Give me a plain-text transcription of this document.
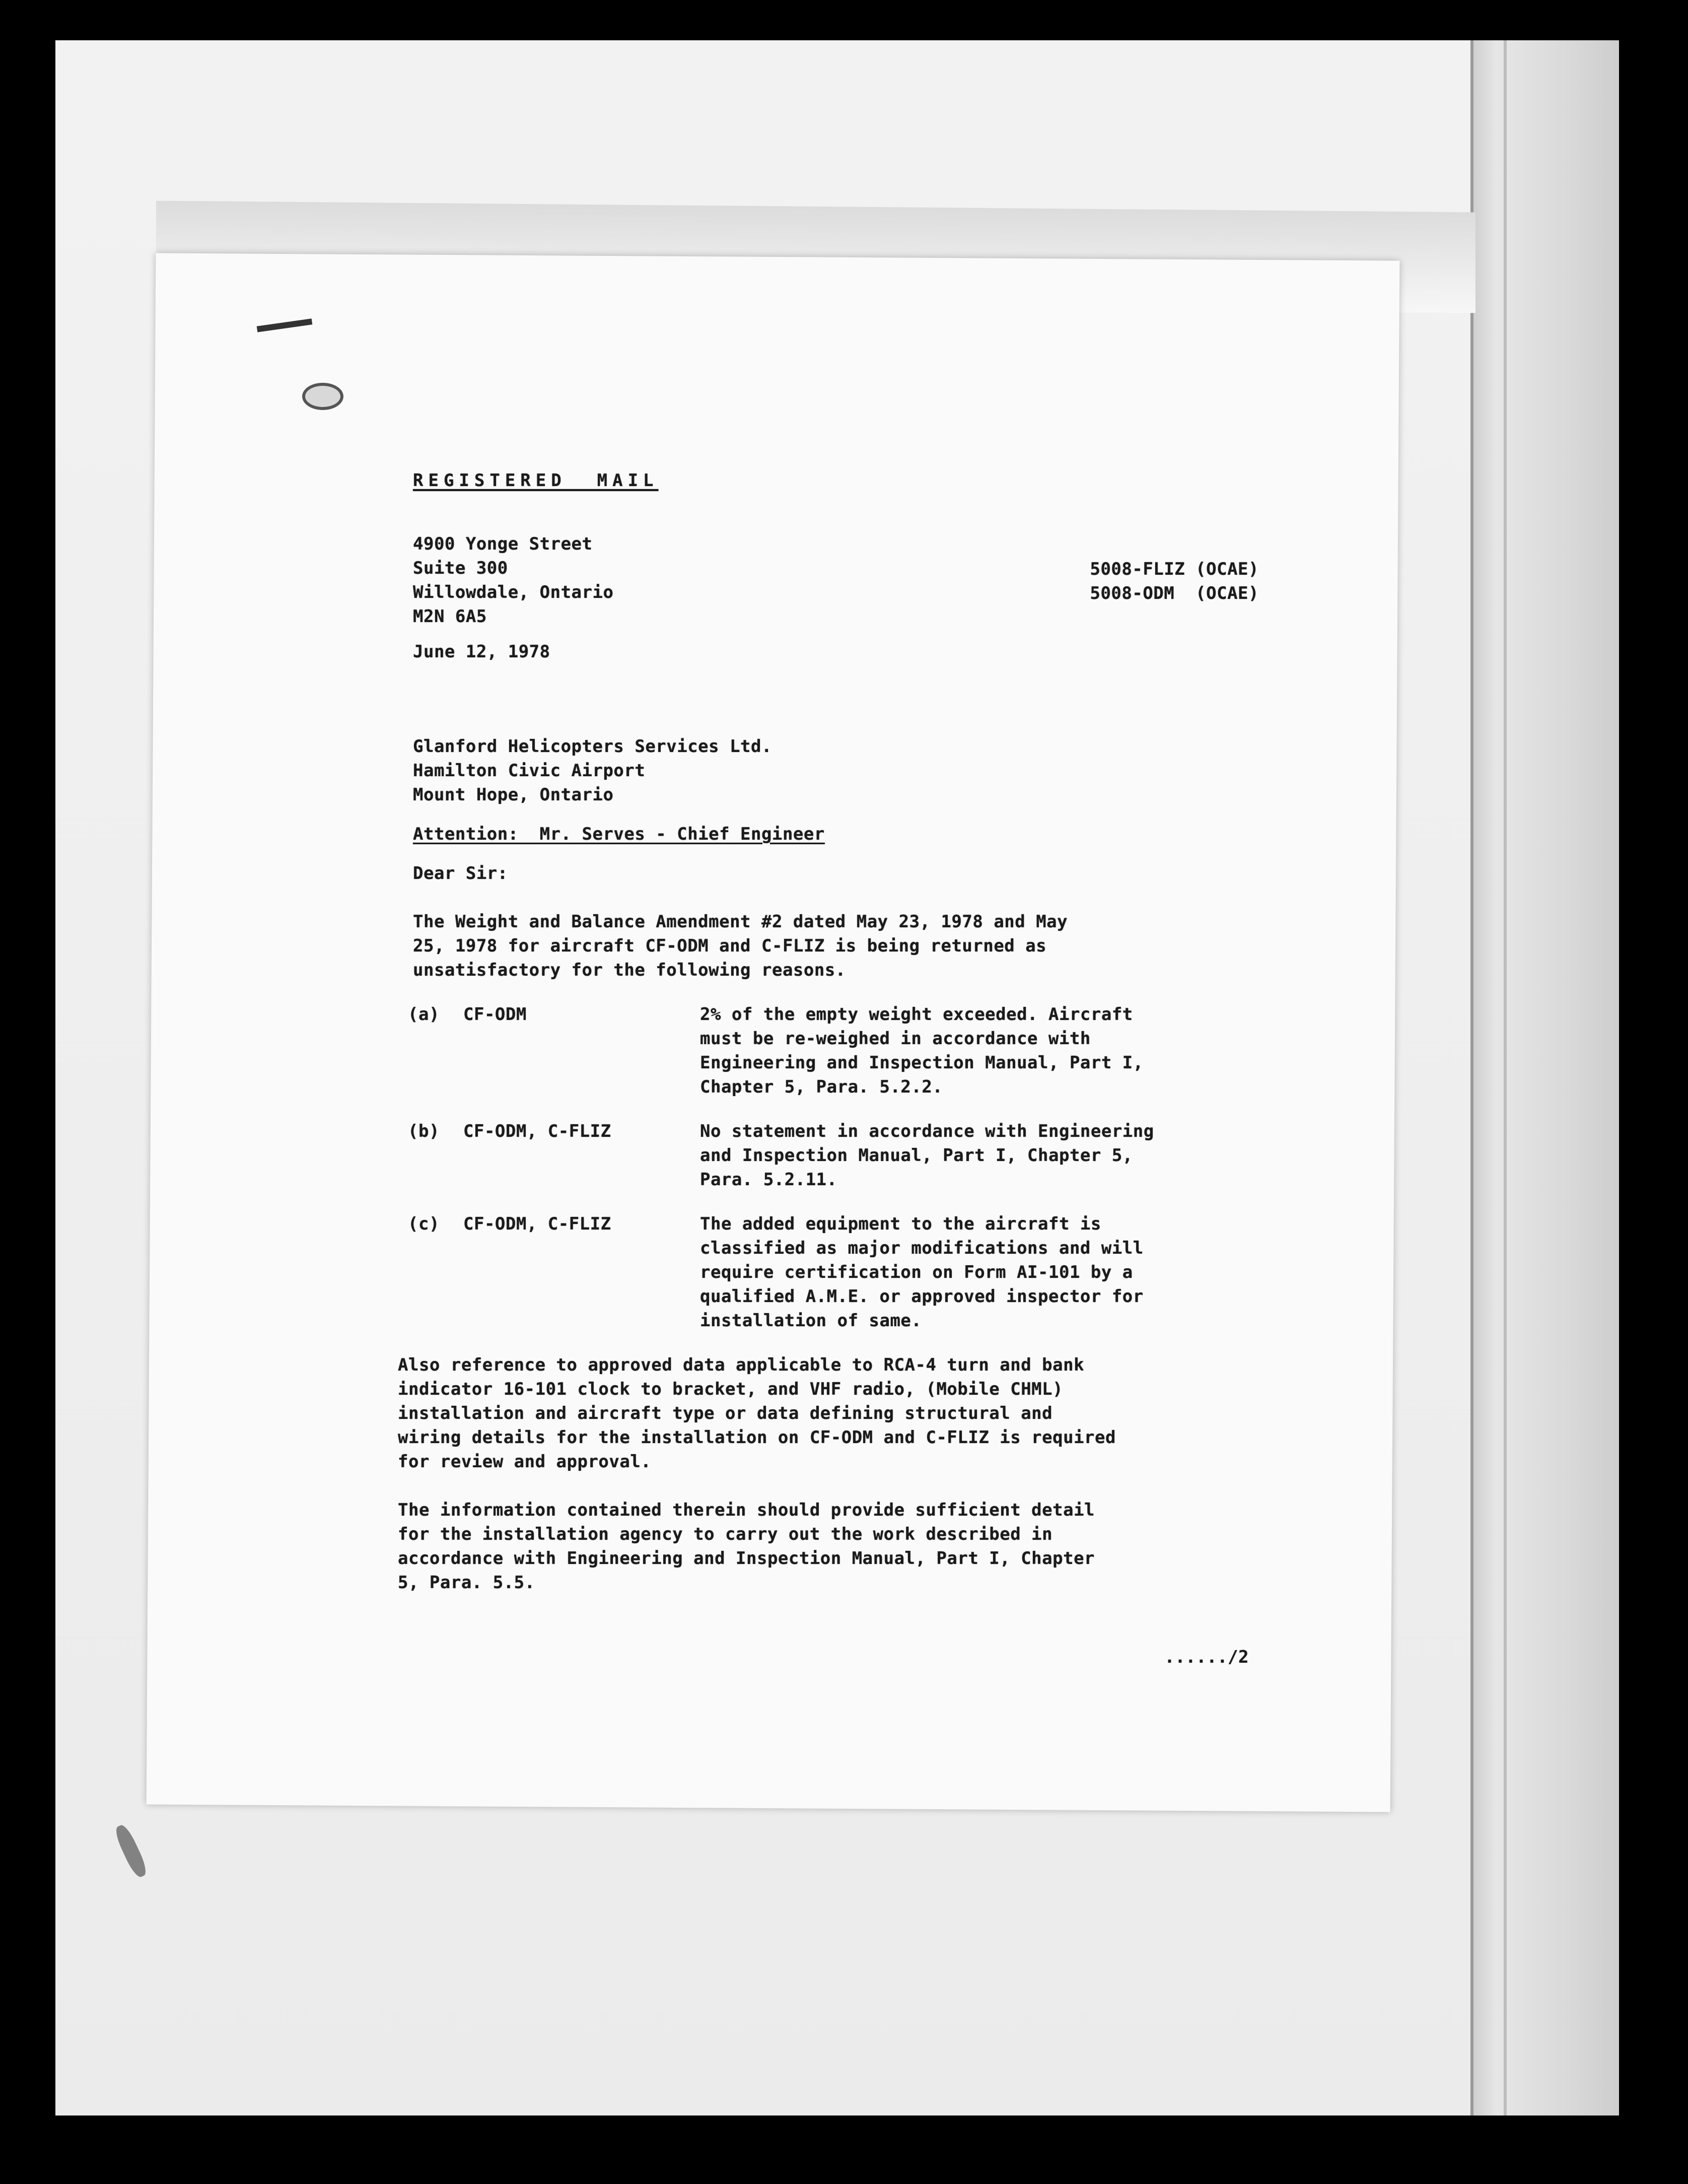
REGISTERED  MAIL
4900 Yonge Street
Suite 300
Willowdale, Ontario
M2N 6A5
5008-FLIZ (OCAE)
5008-ODM  (OCAE)
June 12, 1978
Glanford Helicopters Services Ltd.
Hamilton Civic Airport
Mount Hope, Ontario
Attention:  Mr. Serves - Chief Engineer
Dear Sir:
The Weight and Balance Amendment #2 dated May 23, 1978 and May
25, 1978 for aircraft CF-ODM and C-FLIZ is being returned as
unsatisfactory for the following reasons.
(a)	CF-ODM	2% of the empty weight exceeded. Aircraft
must be re-weighed in accordance with
Engineering and Inspection Manual, Part I,
Chapter 5, Para. 5.2.2.
(b)	CF-ODM, C-FLIZ	No statement in accordance with Engineering
and Inspection Manual, Part I, Chapter 5,
Para. 5.2.11.
(c)	CF-ODM, C-FLIZ	The added equipment to the aircraft is
classified as major modifications and will
require certification on Form AI-101 by a
qualified A.M.E. or approved inspector for
installation of same.
Also reference to approved data applicable to RCA-4 turn and bank
indicator 16-101 clock to bracket, and VHF radio, (Mobile CHML)
installation and aircraft type or data defining structural and
wiring details for the installation on CF-ODM and C-FLIZ is required
for review and approval.
The information contained therein should provide sufficient detail
for the installation agency to carry out the work described in
accordance with Engineering and Inspection Manual, Part I, Chapter
5, Para. 5.5.
....../2
